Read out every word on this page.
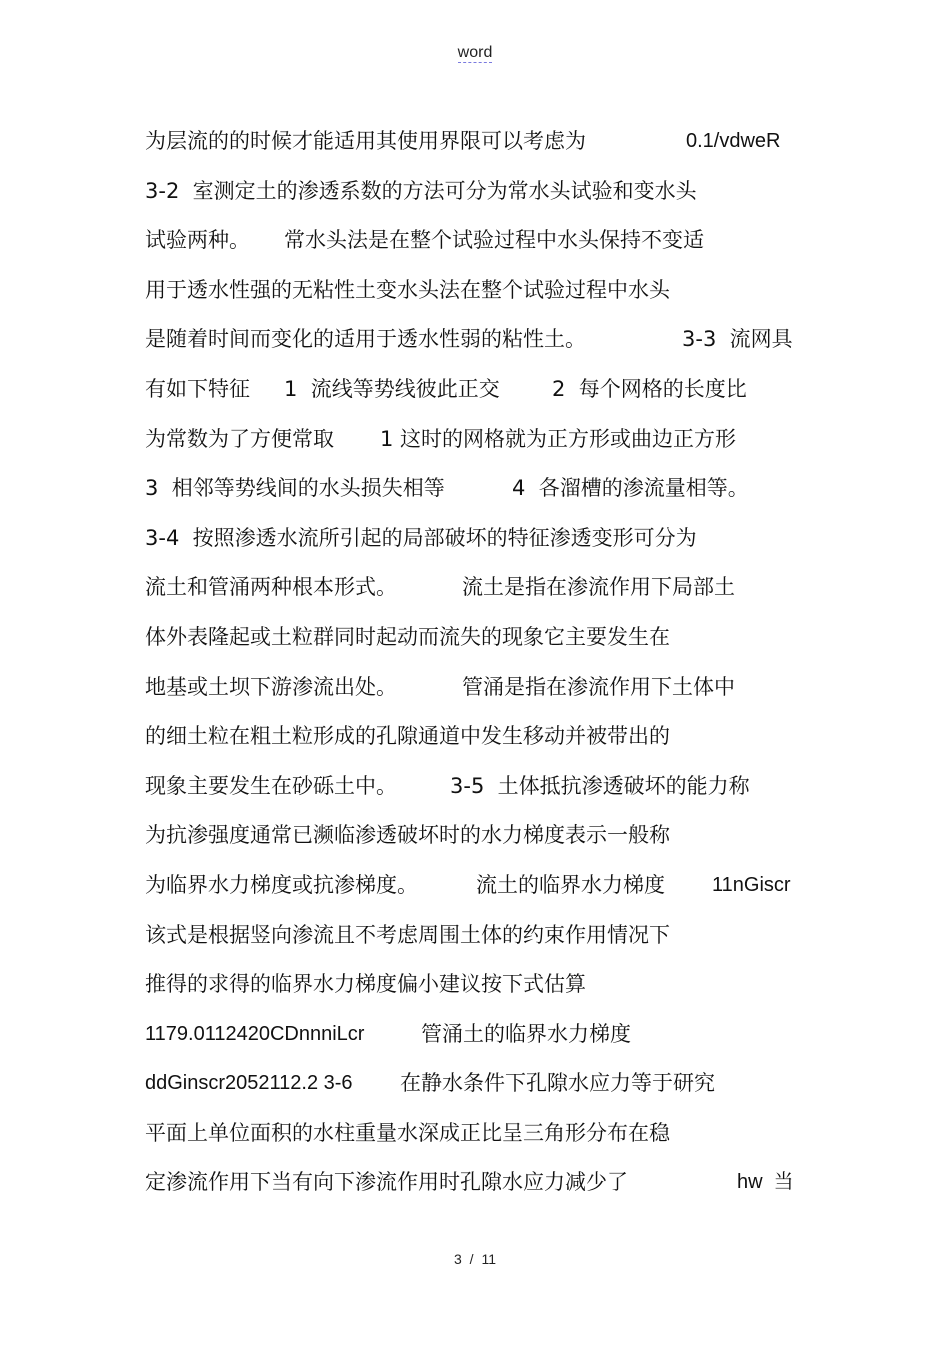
word

为层流的的时候才能适用其使用界限可以考虑为

	0.1/vdweR

3-2  室测定土的渗透系数的方法可分为常水头试验和变水头

试验两种。

常水头法是在整个试验过程中水头保持不变适

用于透水性强的无粘性土变水头法在整个试验过程中水头

是随着时间而变化的适用于透水性弱的粘性土。

	3-3  流网具

有如下特征

1  流线等势线彼此正交

2  每个网格的长度比

为常数为了方便常取

1 这时的网格就为正方形或曲边正方形

3  相邻等势线间的水头损失相等

	4  各溜槽的渗流量相等。

3-4  按照渗透水流所引起的局部破坏的特征渗透变形可分为

流土和管涌两种根本形式。

	流土是指在渗流作用下局部土

体外表隆起或土粒群同时起动而流失的现象它主要发生在

地基或土坝下游渗流出处。

	管涌是指在渗流作用下土体中

的细土粒在粗土粒形成的孔隙通道中发生移动并被带出的

现象主要发生在砂砾土中。

	3-5  土体抵抗渗透破坏的能力称

为抗渗强度通常已濒临渗透破坏时的水力梯度表示一般称

为临界水力梯度或抗渗梯度。

	流土的临界水力梯度

11nGiscr

该式是根据竖向渗流且不考虑周围土体的约束作用情况下

推得的求得的临界水力梯度偏小建议按下式估算

1179.0112420CDnnniLcr

	管涌土的临界水力梯度

ddGinscr2052112.2 3-6

在静水条件下孔隙水应力等于研究

平面上单位面积的水柱重量水深成正比呈三角形分布在稳

定渗流作用下当有向下渗流作用时孔隙水应力减少了

	hw  当

3 / 11
